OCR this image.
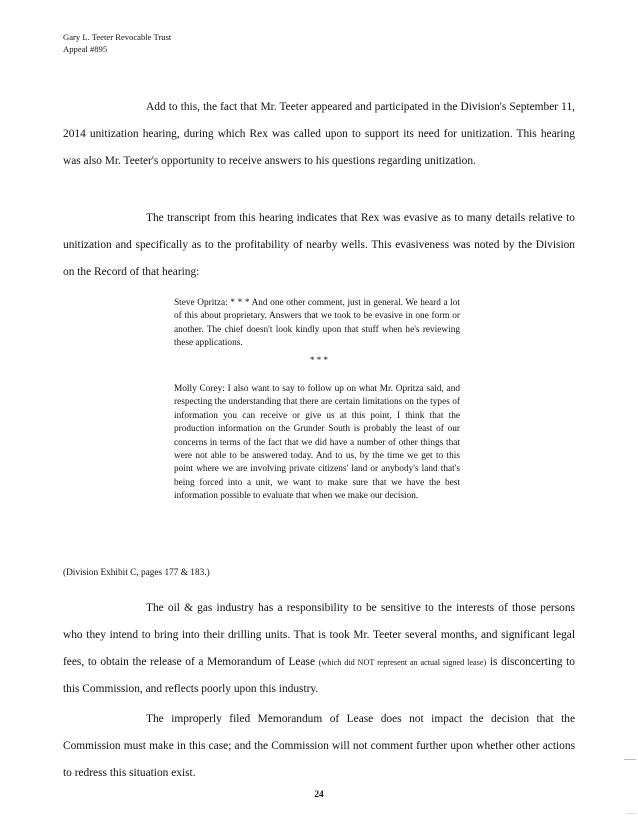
Gary L. Teeter Revocable Trust
Appeal #895

Add to this, the fact that Mr. Teeter appeared and participated in the Division's September 11, 2014 unitization hearing, during which Rex was called upon to support its need for unitization. This hearing was also Mr. Teeter's opportunity to receive answers to his questions regarding unitization.

The transcript from this hearing indicates that Rex was evasive as to many details relative to unitization and specifically as to the profitability of nearby wells. This evasiveness was noted by the Division on the Record of that hearing:

Steve Opritza: * * * And one other comment, just in general. We heard a lot of this about proprietary. Answers that we took to be evasive in one form or another. The chief doesn't look kindly upon that stuff when he's reviewing these applications.
* * *
Molly Corey: I also want to say to follow up on what Mr. Opritza said, and respecting the understanding that there are certain limitations on the types of information you can receive or give us at this point, I think that the production information on the Grunder South is probably the least of our concerns in terms of the fact that we did have a number of other things that were not able to be answered today. And to us, by the time we get to this point where we are involving private citizens' land or anybody's land that's being forced into a unit, we want to make sure that we have the best information possible to evaluate that when we make our decision.
(Division Exhibit C, pages 177 & 183.)

The oil & gas industry has a responsibility to be sensitive to the interests of those persons who they intend to bring into their drilling units. That is took Mr. Teeter several months, and significant legal fees, to obtain the release of a Memorandum of Lease (which did NOT represent an actual signed lease) is disconcerting to this Commission, and reflects poorly upon this industry.

The improperly filed Memorandum of Lease does not impact the decision that the Commission must make in this case; and the Commission will not comment further upon whether other actions to redress this situation exist.

24
